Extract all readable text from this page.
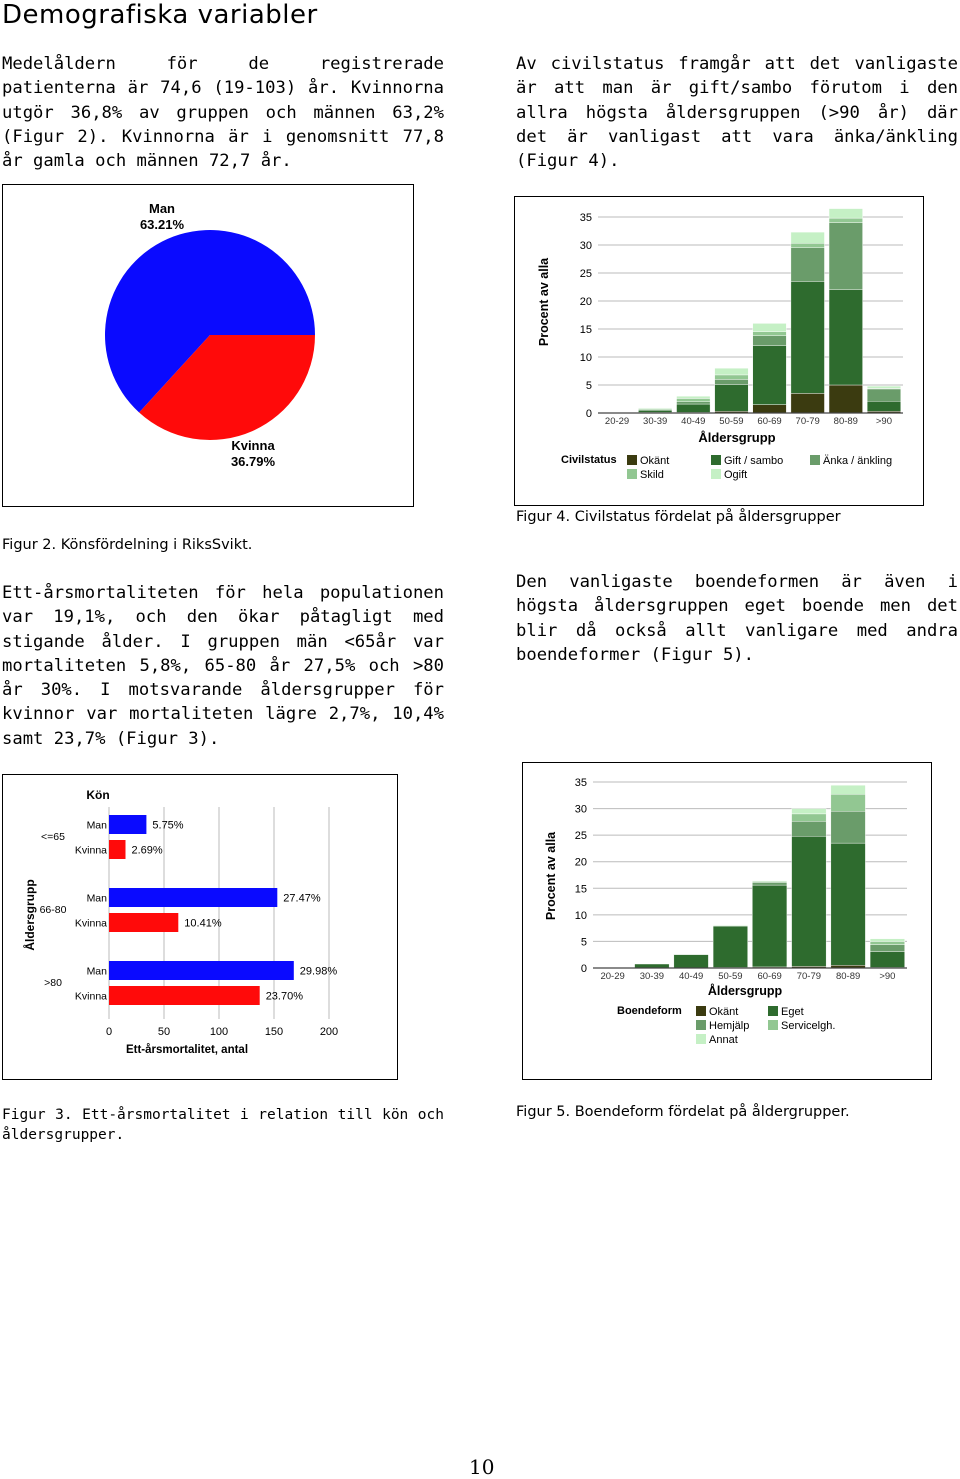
Demografiska variabler
Medelåldern för de registrerade patienterna är 74,6 (19-103) år. Kvinnorna utgör 36,8% av gruppen och männen 63,2% (Figur 2). Kvinnorna är i genomsnitt 77,8 år gamla och männen 72,7 år.
Av civilstatus framgår att det vanligaste är att man är gift/sambo förutom i den allra högsta åldersgruppen (>90 år) där det är vanligast att vara änka/änkling (Figur 4).
Ett-årsmortaliteten för hela populationen var 19,1%, och den ökar påtagligt med stigande ålder. I gruppen män <65år var mortaliteten 5,8%, 65-80 år 27,5% och >80 år 30%. I motsvarande åldersgrupper för kvinnor var mortaliteten lägre 2,7%, 10,4% samt 23,7% (Figur 3).
Den vanligaste boendeformen är även i högsta åldersgruppen eget boende men det blir då också allt vanligare med andra boendeformer (Figur 5).
Man
63.21%
Kvinna
36.79%
Figur 2. Könsfördelning i RiksSvikt.
0
5
10
15
20
25
30
35
20-29 30-39 40-49 50-59 60-69 70-79 80-89 >90
Procent av alla
Åldersgrupp
Civilstatus Okänt	Gift / sambo	Änka / änkling
Skild	Ogift
Figur 4. Civilstatus fördelat på åldersgrupper
Kön
Åldersgrupp
Ett-årsmortalitet, antal
0	50	100	150	200
<=65
Man	5.75%
Kvinna 2.69%
66-80
Man	27.47%
Kvinna	10.41%
>80
Man	29.98%
Kvinna	23.70%
Figur 3. Ett-årsmortalitet i relation till kön och åldersgrupper.
0
5
10
15
20
25
30
35
20-29 30-39 40-49 50-59 60-69 70-79 80-89 >90
Procent av alla
Åldersgrupp
Boendeform Okänt	Eget
Hemjälp	Servicelgh.
Annat
Figur 5. Boendeform fördelat på åldergrupper.
10
